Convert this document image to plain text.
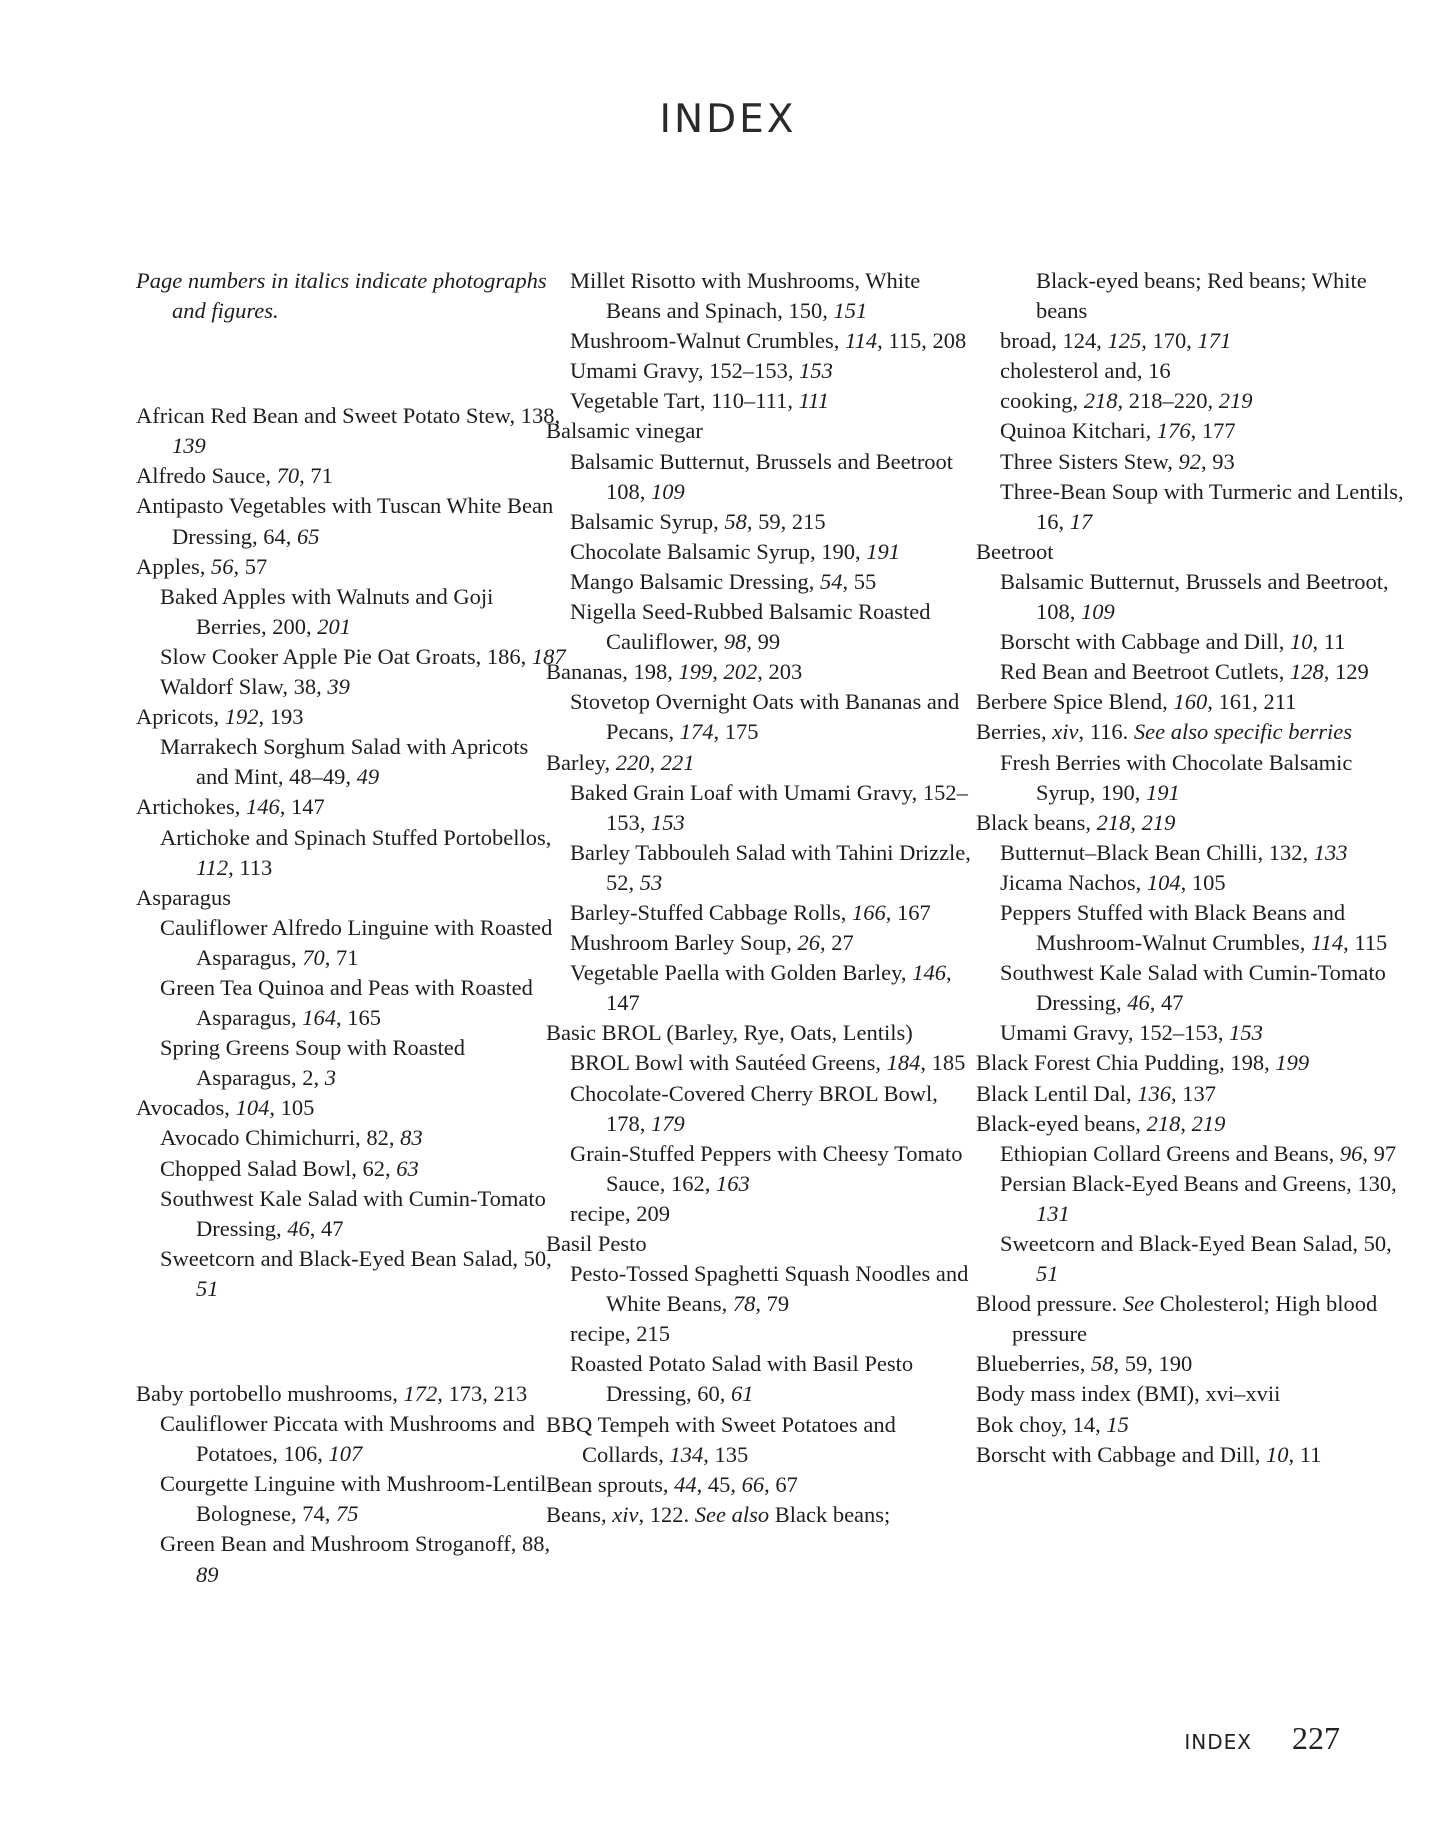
INDEX

Page numbers in italics indicate photographs and figures.

African Red Bean and Sweet Potato Stew, 138, 139

Alfredo Sauce, 70, 71

Antipasto Vegetables with Tuscan White Bean Dressing, 64, 65

Apples, 56, 57

Baked Apples with Walnuts and Goji Berries, 200, 201

Slow Cooker Apple Pie Oat Groats, 186, 187

Waldorf Slaw, 38, 39

Apricots, 192, 193

Marrakech Sorghum Salad with Apricots and Mint, 48–49, 49

Artichokes, 146, 147

Artichoke and Spinach Stuffed Portobellos, 112, 113

Asparagus

Cauliflower Alfredo Linguine with Roasted Asparagus, 70, 71

Green Tea Quinoa and Peas with Roasted Asparagus, 164, 165

Spring Greens Soup with Roasted Asparagus, 2, 3

Avocados, 104, 105

Avocado Chimichurri, 82, 83

Chopped Salad Bowl, 62, 63

Southwest Kale Salad with Cumin-Tomato Dressing, 46, 47

Sweetcorn and Black-Eyed Bean Salad, 50, 51

Baby portobello mushrooms, 172, 173, 213

Cauliflower Piccata with Mushrooms and Potatoes, 106, 107

Courgette Linguine with Mushroom-Lentil Bolognese, 74, 75

Green Bean and Mushroom Stroganoff, 88, 89

Millet Risotto with Mushrooms, White Beans and Spinach, 150, 151

Mushroom-Walnut Crumbles, 114, 115, 208

Umami Gravy, 152–153, 153

Vegetable Tart, 110–111, 111

Balsamic vinegar

Balsamic Butternut, Brussels and Beetroot 108, 109

Balsamic Syrup, 58, 59, 215

Chocolate Balsamic Syrup, 190, 191

Mango Balsamic Dressing, 54, 55

Nigella Seed-Rubbed Balsamic Roasted Cauliflower, 98, 99

Bananas, 198, 199, 202, 203

Stovetop Overnight Oats with Bananas and Pecans, 174, 175

Barley, 220, 221

Baked Grain Loaf with Umami Gravy, 152–153, 153

Barley Tabbouleh Salad with Tahini Drizzle, 52, 53

Barley-Stuffed Cabbage Rolls, 166, 167

Mushroom Barley Soup, 26, 27

Vegetable Paella with Golden Barley, 146, 147

Basic BROL (Barley, Rye, Oats, Lentils)

BROL Bowl with Sautéed Greens, 184, 185

Chocolate-Covered Cherry BROL Bowl, 178, 179

Grain-Stuffed Peppers with Cheesy Tomato Sauce, 162, 163

recipe, 209

Basil Pesto

Pesto-Tossed Spaghetti Squash Noodles and White Beans, 78, 79

recipe, 215

Roasted Potato Salad with Basil Pesto Dressing, 60, 61

BBQ Tempeh with Sweet Potatoes and Collards, 134, 135

Bean sprouts, 44, 45, 66, 67

Beans, xiv, 122. See also Black beans;

Black-eyed beans; Red beans; White beans

broad, 124, 125, 170, 171

cholesterol and, 16

cooking, 218, 218–220, 219

Quinoa Kitchari, 176, 177

Three Sisters Stew, 92, 93

Three-Bean Soup with Turmeric and Lentils, 16, 17

Beetroot

Balsamic Butternut, Brussels and Beetroot, 108, 109

Borscht with Cabbage and Dill, 10, 11

Red Bean and Beetroot Cutlets, 128, 129

Berbere Spice Blend, 160, 161, 211

Berries, xiv, 116. See also specific berries

Fresh Berries with Chocolate Balsamic Syrup, 190, 191

Black beans, 218, 219

Butternut–Black Bean Chilli, 132, 133

Jicama Nachos, 104, 105

Peppers Stuffed with Black Beans and Mushroom-Walnut Crumbles, 114, 115

Southwest Kale Salad with Cumin-Tomato Dressing, 46, 47

Umami Gravy, 152–153, 153

Black Forest Chia Pudding, 198, 199

Black Lentil Dal, 136, 137

Black-eyed beans, 218, 219

Ethiopian Collard Greens and Beans, 96, 97

Persian Black-Eyed Beans and Greens, 130, 131

Sweetcorn and Black-Eyed Bean Salad, 50, 51

Blood pressure. See Cholesterol; High blood pressure

Blueberries, 58, 59, 190

Body mass index (BMI), xvi–xvii

Bok choy, 14, 15

Borscht with Cabbage and Dill, 10, 11

INDEX 227
